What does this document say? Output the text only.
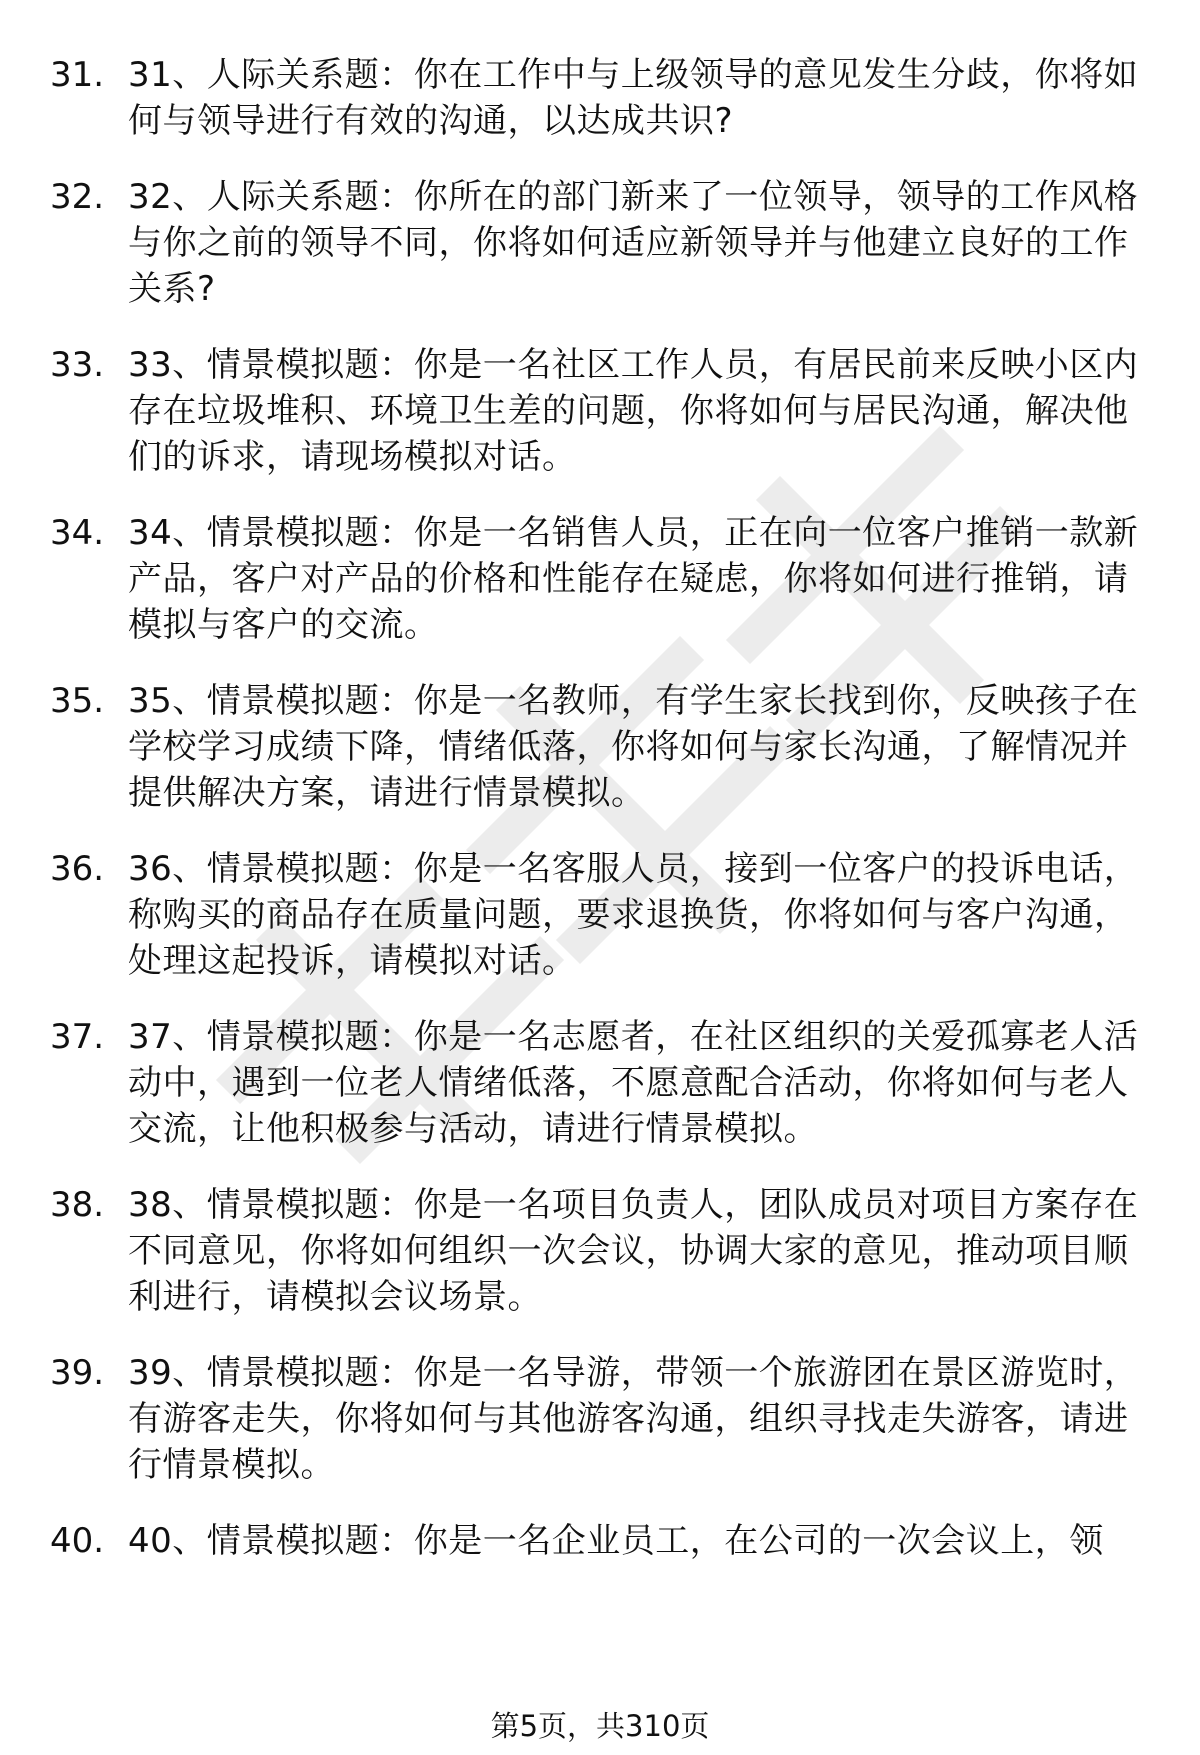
31. 31、人际关系题：你在工作中与上级领导的意见发生分歧，你将如何与领导进行有效的沟通，以达成共识?
32. 32、人际关系题：你所在的部门新来了一位领导，领导的工作风格与你之前的领导不同，你将如何适应新领导并与他建立良好的工作关系?
33. 33、情景模拟题：你是一名社区工作人员，有居民前来反映小区内存在垃圾堆积、环境卫生差的问题，你将如何与居民沟通，解决他们的诉求，请现场模拟对话。
34. 34、情景模拟题：你是一名销售人员，正在向一位客户推销一款新产品，客户对产品的价格和性能存在疑虑，你将如何进行推销，请模拟与客户的交流。
35. 35、情景模拟题：你是一名教师，有学生家长找到你，反映孩子在学校学习成绩下降，情绪低落，你将如何与家长沟通，了解情况并提供解决方案，请进行情景模拟。
36. 36、情景模拟题：你是一名客服人员，接到一位客户的投诉电话，称购买的商品存在质量问题，要求退换货，你将如何与客户沟通，处理这起投诉，请模拟对话。
37. 37、情景模拟题：你是一名志愿者，在社区组织的关爱孤寡老人活动中，遇到一位老人情绪低落，不愿意配合活动，你将如何与老人交流，让他积极参与活动，请进行情景模拟。
38. 38、情景模拟题：你是一名项目负责人，团队成员对项目方案存在不同意见，你将如何组织一次会议，协调大家的意见，推动项目顺利进行，请模拟会议场景。
39. 39、情景模拟题：你是一名导游，带领一个旅游团在景区游览时，有游客走失，你将如何与其他游客沟通，组织寻找走失游客，请进行情景模拟。
40. 40、情景模拟题：你是一名企业员工，在公司的一次会议上，领
第5页，共310页
